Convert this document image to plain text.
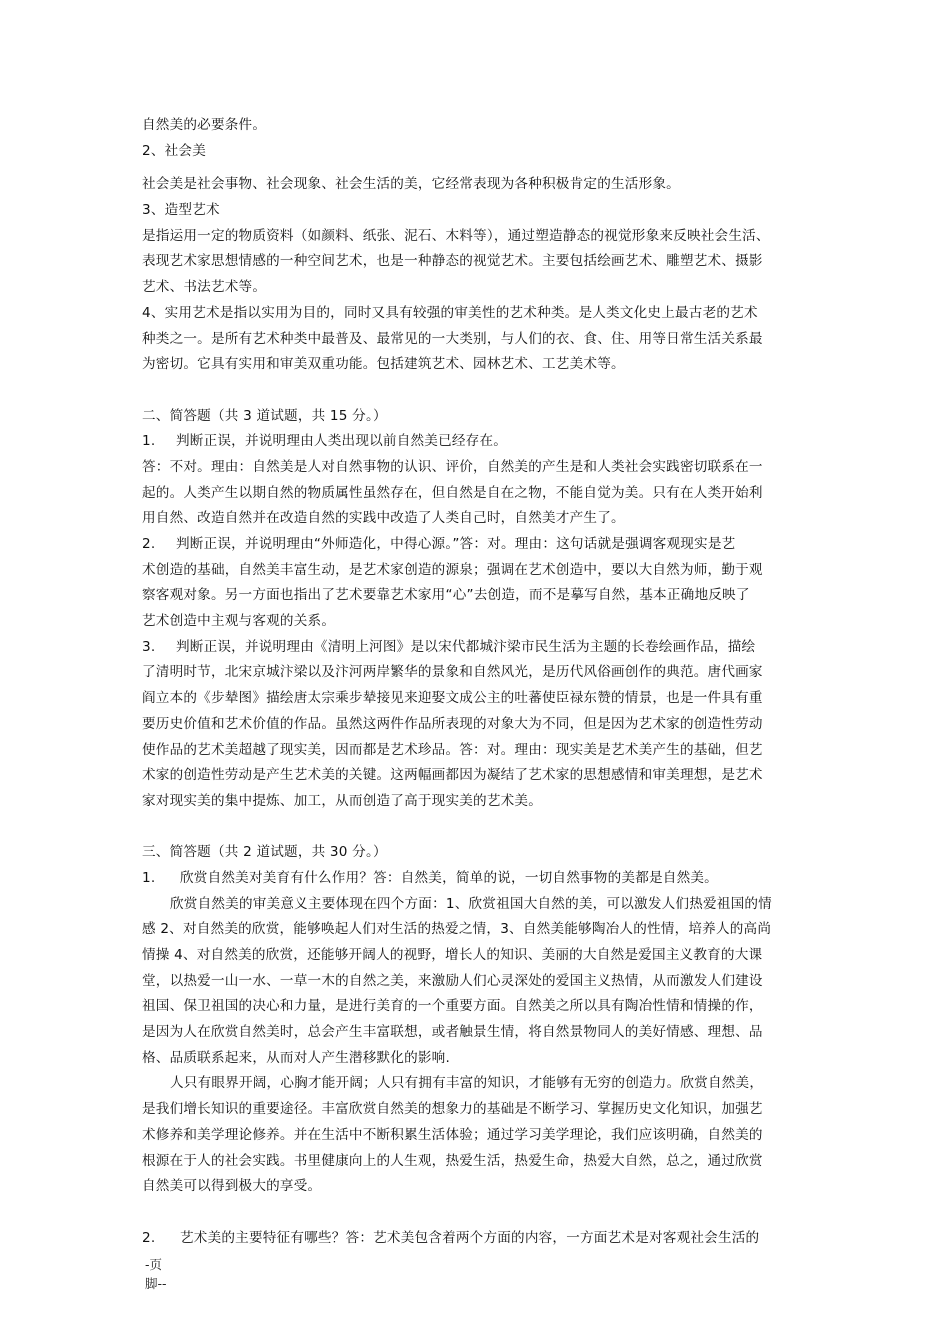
自然美的必要条件。
2、社会美
社会美是社会事物、社会现象、社会生活的美，它经常表现为各种积极肯定的生活形象。
3、造型艺术
是指运用一定的物质资料（如颜料、纸张、泥石、木料等），通过塑造静态的视觉形象来反映社会生活、
表现艺术家思想情感的一种空间艺术，也是一种静态的视觉艺术。主要包括绘画艺术、雕塑艺术、摄影
艺术、书法艺术等。
4、实用艺术是指以实用为目的，同时又具有较强的审美性的艺术种类。是人类文化史上最古老的艺术
种类之一。是所有艺术种类中最普及、最常见的一大类别，与人们的衣、食、住、用等日常生活关系最
为密切。它具有实用和审美双重功能。包括建筑艺术、园林艺术、工艺美术等。
二、简答题（共 3 道试题，共 15 分。）
1. 判断正误，并说明理由人类出现以前自然美已经存在。
答：不对。理由：自然美是人对自然事物的认识、评价，自然美的产生是和人类社会实践密切联系在一
起的。人类产生以期自然的物质属性虽然存在，但自然是自在之物，不能自觉为美。只有在人类开始利
用自然、改造自然并在改造自然的实践中改造了人类自己时，自然美才产生了。
2. 判断正误，并说明理由“外师造化，中得心源。”答：对。理由：这句话就是强调客观现实是艺
术创造的基础，自然美丰富生动，是艺术家创造的源泉；强调在艺术创造中，要以大自然为师，勤于观
察客观对象。另一方面也指出了艺术要靠艺术家用“心”去创造，而不是摹写自然，基本正确地反映了
艺术创造中主观与客观的关系。
3. 判断正误，并说明理由《清明上河图》是以宋代都城汴梁市民生活为主题的长卷绘画作品，描绘
了清明时节，北宋京城汴梁以及汴河两岸繁华的景象和自然风光，是历代风俗画创作的典范。唐代画家
阎立本的《步辇图》描绘唐太宗乘步辇接见来迎娶文成公主的吐蕃使臣禄东赞的情景，也是一件具有重
要历史价值和艺术价值的作品。虽然这两件作品所表现的对象大为不同，但是因为艺术家的创造性劳动
使作品的艺术美超越了现实美，因而都是艺术珍品。答：对。理由：现实美是艺术美产生的基础，但艺
术家的创造性劳动是产生艺术美的关键。这两幅画都因为凝结了艺术家的思想感情和审美理想，是艺术
家对现实美的集中提炼、加工，从而创造了高于现实美的艺术美。
三、简答题（共 2 道试题，共 30 分。）
1. 欣赏自然美对美育有什么作用？答：自然美，简单的说，一切自然事物的美都是自然美。
欣赏自然美的审美意义主要体现在四个方面：1、欣赏祖国大自然的美，可以激发人们热爱祖国的情
感 2、对自然美的欣赏，能够唤起人们对生活的热爱之情，3、自然美能够陶冶人的性情，培养人的高尚
情操 4、对自然美的欣赏，还能够开阔人的视野，增长人的知识、美丽的大自然是爱国主义教育的大课
堂，以热爱一山一水、一草一木的自然之美，来激励人们心灵深处的爱国主义热情，从而激发人们建设
祖国、保卫祖国的决心和力量，是进行美育的一个重要方面。自然美之所以具有陶冶性情和情操的作，
是因为人在欣赏自然美时，总会产生丰富联想，或者触景生情，将自然景物同人的美好情感、理想、品
格、品质联系起来，从而对人产生潜移默化的影响.
人只有眼界开阔，心胸才能开阔；人只有拥有丰富的知识，才能够有无穷的创造力。欣赏自然美，
是我们增长知识的重要途径。丰富欣赏自然美的想象力的基础是不断学习、掌握历史文化知识，加强艺
术修养和美学理论修养。并在生活中不断积累生活体验；通过学习美学理论，我们应该明确，自然美的
根源在于人的社会实践。书里健康向上的人生观，热爱生活，热爱生命，热爱大自然，总之，通过欣赏
自然美可以得到极大的享受。
2. 艺术美的主要特征有哪些？答：艺术美包含着两个方面的内容，一方面艺术是对客观社会生活的
-页
脚--
